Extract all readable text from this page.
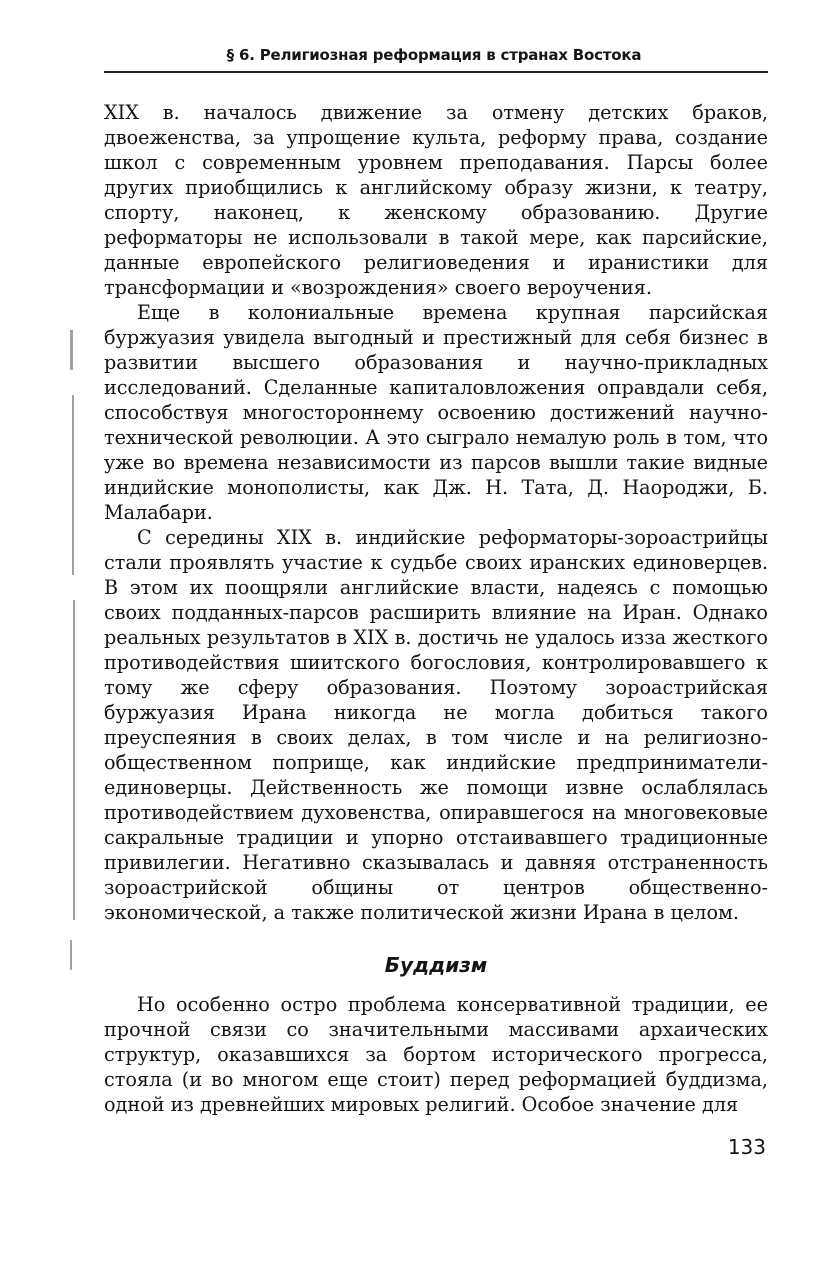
§ 6. Религиозная реформация в странах Востока

XIX в. началось движение за отмену детских браков, двоеженства, за упрощение культа, реформу права, создание школ с современным уровнем преподавания. Парсы более других приобщились к английскому образу жизни, к театру, спорту, наконец, к женскому образованию. Другие реформаторы не использовали в такой мере, как парсийские, данные европейского религиоведения и иранистики для трансформации и «возрождения» своего вероучения.

Еще в колониальные времена крупная парсийская буржуазия увидела выгодный и престижный для себя бизнес в развитии высшего образования и научно-прикладных исследований. Сделанные капиталовложения оправдали себя, способствуя многостороннему освоению достижений научно-технической революции. А это сыграло немалую роль в том, что уже во времена независимости из парсов вышли такие видные индийские монополисты, как Дж. Н. Тата, Д. Наороджи, Б. Малабари.

С середины XIX в. индийские реформаторы-зороастрийцы стали проявлять участие к судьбе своих иранских единоверцев. В этом их поощряли английские власти, надеясь с помощью своих подданных-парсов расширить влияние на Иран. Однако реальных результатов в XIX в. достичь не удалось изза жесткого противодействия шиитского богословия, контролировавшего к тому же сферу образования. Поэтому зороастрийская буржуазия Ирана никогда не могла добиться такого преуспеяния в своих делах, в том числе и на религиозно-общественном поприще, как индийские предприниматели-единоверцы. Действенность же помощи извне ослаблялась противодействием духовенства, опиравшегося на многовековые сакральные традиции и упорно отстаивавшего традиционные привилегии. Негативно сказывалась и давняя отстраненность зороастрийской общины от центров общественно-экономической, а также политической жизни Ирана в целом.

Буддизм

Но особенно остро проблема консервативной традиции, ее прочной связи со значительными массивами архаических структур, оказавшихся за бортом исторического прогресса, стояла (и во многом еще стоит) перед реформацией буддизма, одной из древнейших мировых религий. Особое значение для

133
